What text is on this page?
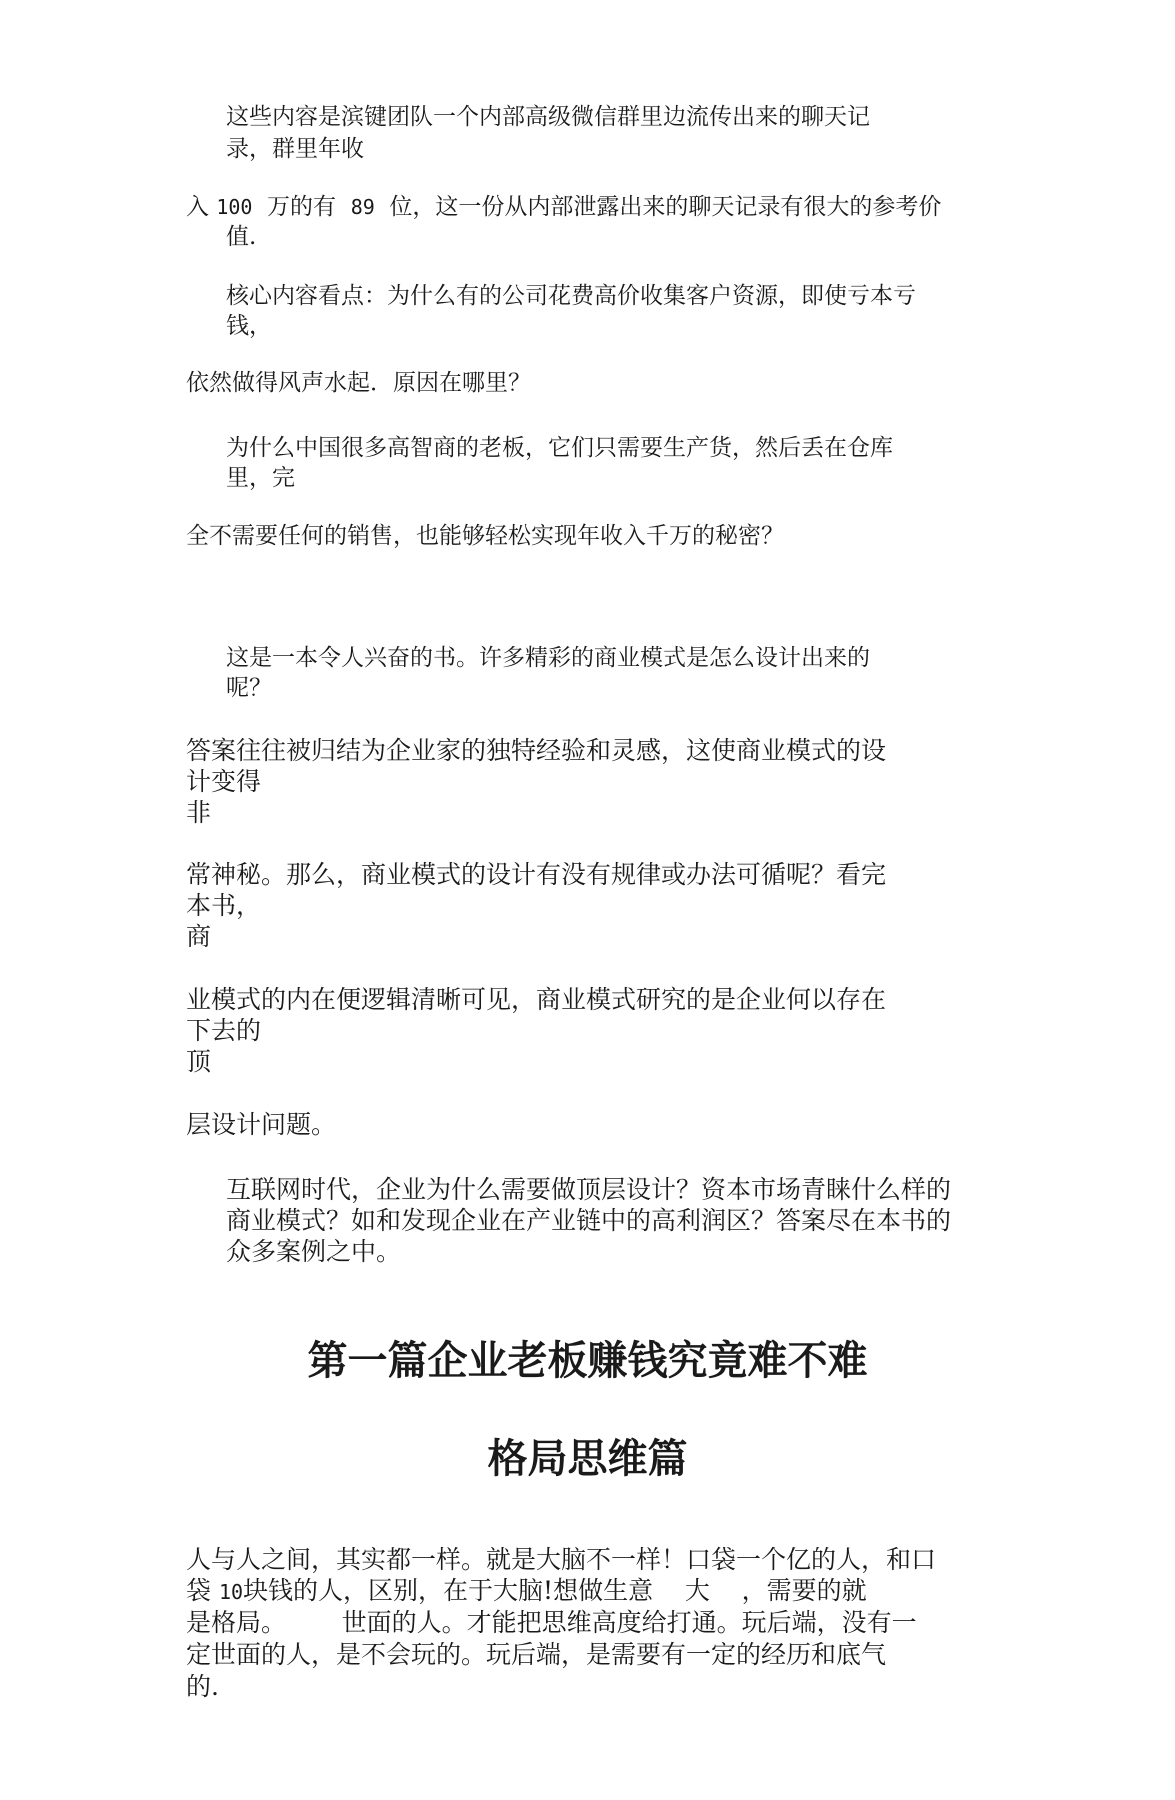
这些内容是滨键团队一个内部高级微信群里边流传出来的聊天记

录，群里年收

入 100  万的有  89  位，这一份从内部泄露出来的聊天记录有很大的参考价

值.

核心内容看点：为什么有的公司花费高价收集客户资源，即使亏本亏

钱，

依然做得风声水起．原因在哪里？

为什么中国很多高智商的老板，它们只需要生产货，然后丢在仓库

里，完

全不需要任何的销售，也能够轻松实现年收入千万的秘密？

这是一本令人兴奋的书。许多精彩的商业模式是怎么设计出来的

呢？

答案往往被归结为企业家的独特经验和灵感，这使商业模式的设

计变得

非

常神秘。那么，商业模式的设计有没有规律或办法可循呢？看完

本书，

商

业模式的内在便逻辑清晰可见，商业模式研究的是企业何以存在

下去的

顶

层设计问题。

互联网时代，企业为什么需要做顶层设计？资本市场青睐什么样的

商业模式？如和发现企业在产业链中的高利润区？答案尽在本书的

众多案例之中。

第一篇企业老板赚钱究竟难不难
格局思维篇

人与人之间，其实都一样。就是大脑不一样！口袋一个亿的人，和口

袋 10块钱的人，区别，在于大脑!想做生意    大    ，需要的就

是格局。       世面的人。才能把思维高度给打通。玩后端，没有一

定世面的人，是不会玩的。玩后端，是需要有一定的经历和底气

的.
